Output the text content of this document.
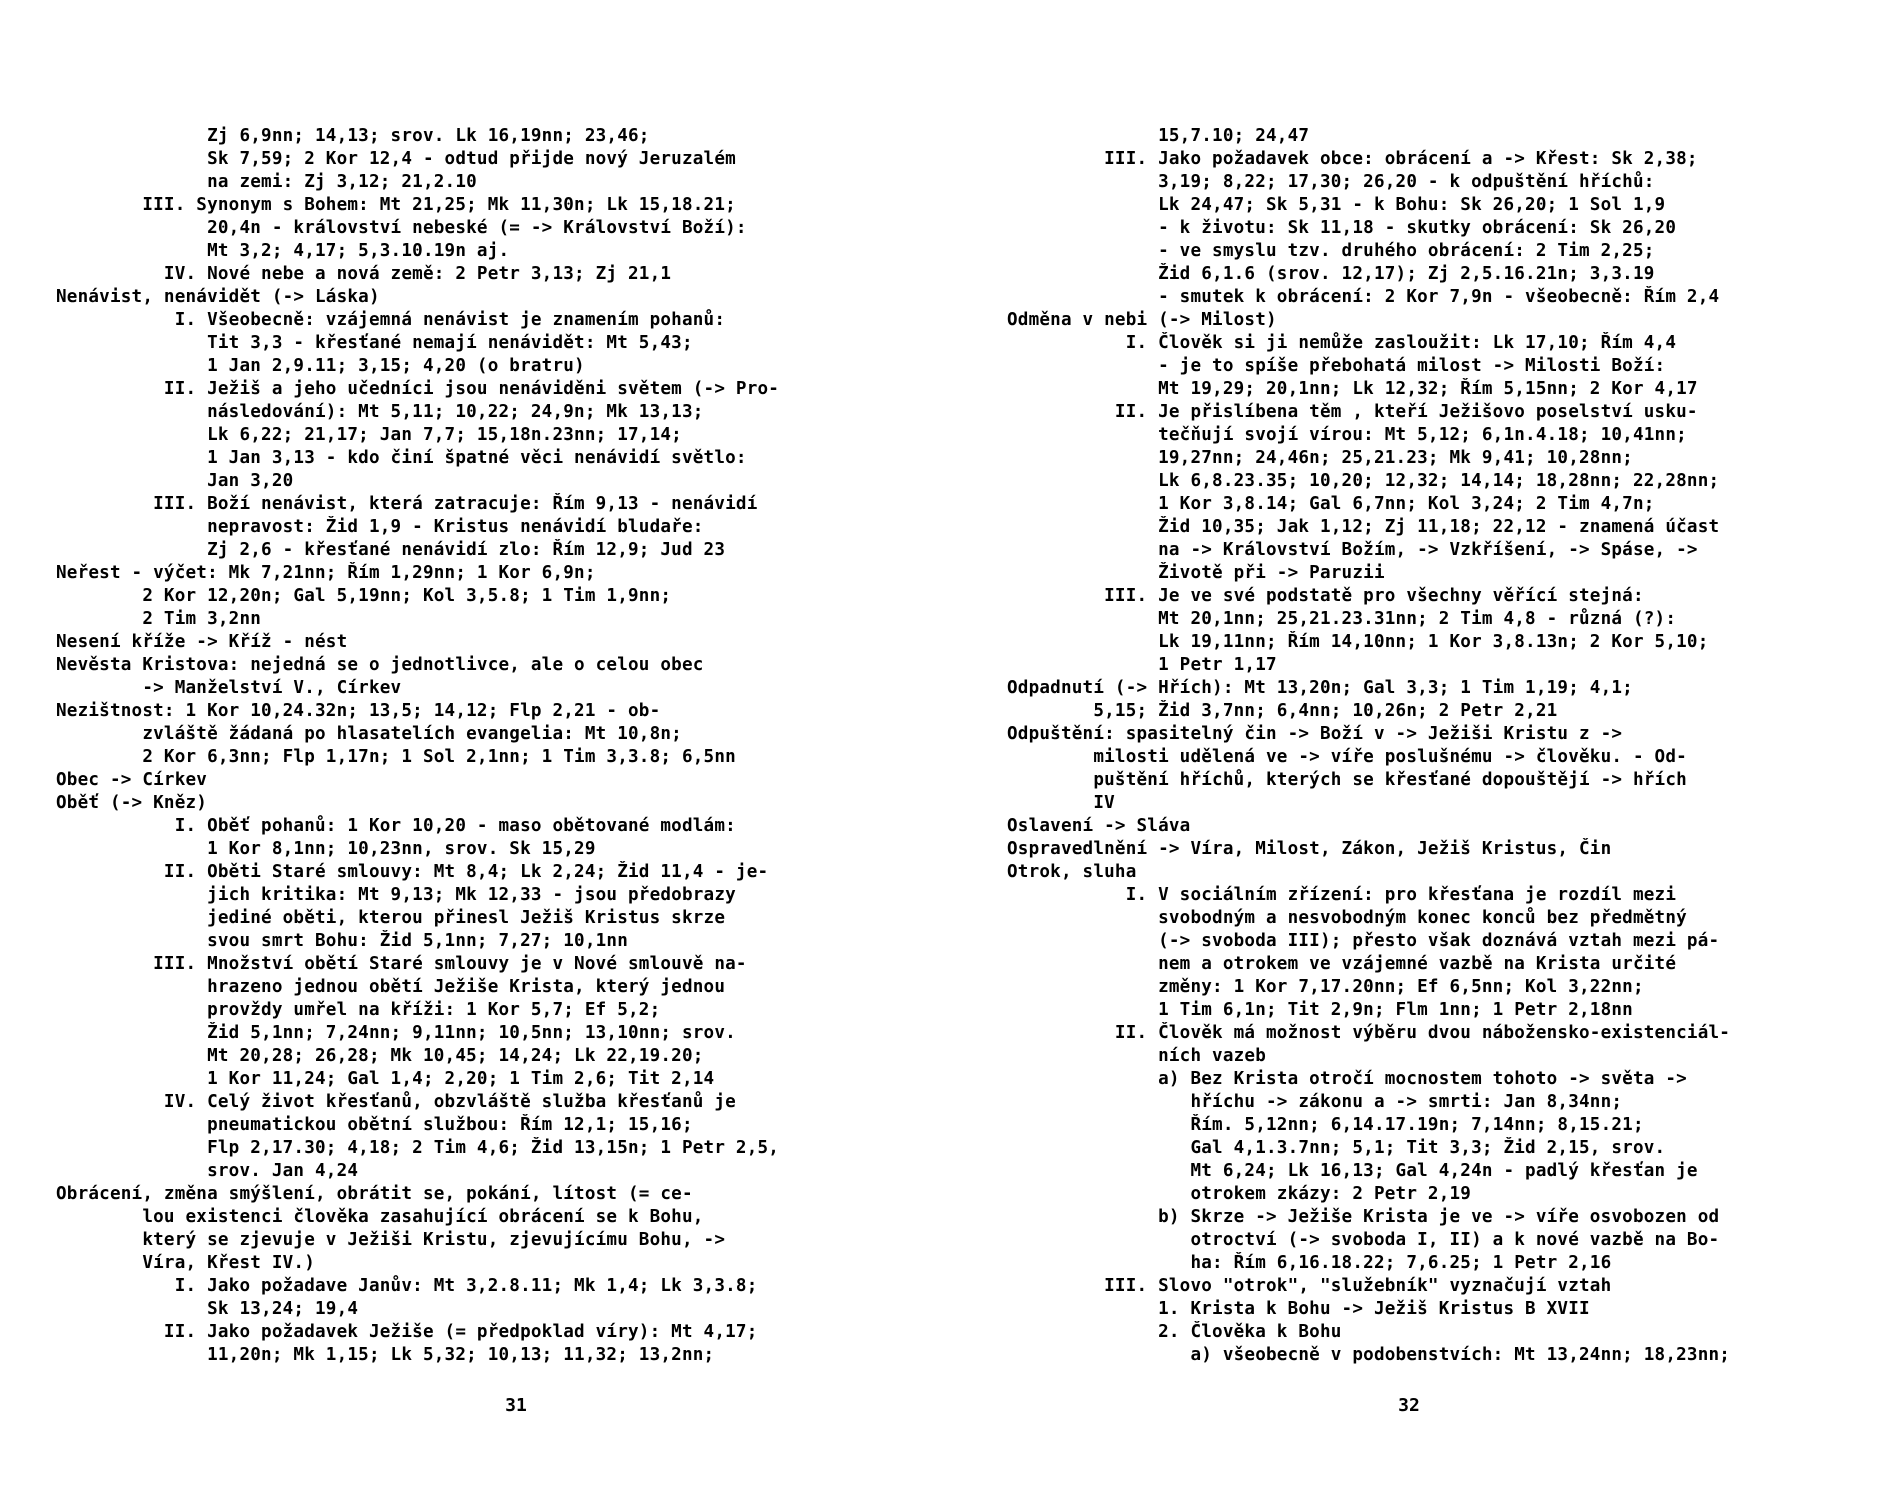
Zj 6,9nn; 14,13; srov. Lk 16,19nn; 23,46;
Sk 7,59; 2 Kor 12,4 - odtud přijde nový Jeruzalém
na zemi: Zj 3,12; 21,2.10
III. Synonym s Bohem: Mt 21,25; Mk 11,30n; Lk 15,18.21;
20,4n - království nebeské (= -> Království Boží):
Mt 3,2; 4,17; 5,3.10.19n aj.
IV. Nové nebe a nová země: 2 Petr 3,13; Zj 21,1
Nenávist, nenávidět (-> Láska)
I. Všeobecně: vzájemná nenávist je znamením pohanů:
Tit 3,3 - křesťané nemají nenávidět: Mt 5,43;
1 Jan 2,9.11; 3,15; 4,20 (o bratru)
II. Ježiš a jeho učedníci jsou nenáviděni světem (-> Pro-
následování): Mt 5,11; 10,22; 24,9n; Mk 13,13;
Lk 6,22; 21,17; Jan 7,7; 15,18n.23nn; 17,14;
1 Jan 3,13 - kdo činí špatné věci nenávidí světlo:
Jan 3,20
III. Boží nenávist, která zatracuje: Řím 9,13 - nenávidí
nepravost: Žid 1,9 - Kristus nenávidí bludaře:
Zj 2,6 - křesťané nenávidí zlo: Řím 12,9; Jud 23
Neřest - výčet: Mk 7,21nn; Řím 1,29nn; 1 Kor 6,9n;
2 Kor 12,20n; Gal 5,19nn; Kol 3,5.8; 1 Tim 1,9nn;
2 Tim 3,2nn
Nesení kříže -> Kříž - nést
Nevěsta Kristova: nejedná se o jednotlivce, ale o celou obec
-> Manželství V., Církev
Nezištnost: 1 Kor 10,24.32n; 13,5; 14,12; Flp 2,21 - ob-
zvláště žádaná po hlasatelích evangelia: Mt 10,8n;
2 Kor 6,3nn; Flp 1,17n; 1 Sol 2,1nn; 1 Tim 3,3.8; 6,5nn
Obec -> Církev
Oběť (-> Kněz)
I. Oběť pohanů: 1 Kor 10,20 - maso obětované modlám:
1 Kor 8,1nn; 10,23nn, srov. Sk 15,29
II. Oběti Staré smlouvy: Mt 8,4; Lk 2,24; Žid 11,4 - je-
jich kritika: Mt 9,13; Mk 12,33 - jsou předobrazy
jediné oběti, kterou přinesl Ježiš Kristus skrze
svou smrt Bohu: Žid 5,1nn; 7,27; 10,1nn
III. Množství obětí Staré smlouvy je v Nové smlouvě na-
hrazeno jednou obětí Ježiše Krista, který jednou
provždy umřel na kříži: 1 Kor 5,7; Ef 5,2;
Žid 5,1nn; 7,24nn; 9,11nn; 10,5nn; 13,10nn; srov.
Mt 20,28; 26,28; Mk 10,45; 14,24; Lk 22,19.20;
1 Kor 11,24; Gal 1,4; 2,20; 1 Tim 2,6; Tit 2,14
IV. Celý život křesťanů, obzvláště služba křesťanů je
pneumatickou obětní službou: Řím 12,1; 15,16;
Flp 2,17.30; 4,18; 2 Tim 4,6; Žid 13,15n; 1 Petr 2,5,
srov. Jan 4,24
Obrácení, změna smýšlení, obrátit se, pokání, lítost (= ce-
lou existenci člověka zasahující obrácení se k Bohu,
který se zjevuje v Ježiši Kristu, zjevujícímu Bohu, ->
Víra, Křest IV.)
I. Jako požadave Janův: Mt 3,2.8.11; Mk 1,4; Lk 3,3.8;
Sk 13,24; 19,4
II. Jako požadavek Ježiše (= předpoklad víry): Mt 4,17;
11,20n; Mk 1,15; Lk 5,32; 10,13; 11,32; 13,2nn;
31
15,7.10; 24,47
III. Jako požadavek obce: obrácení a -> Křest: Sk 2,38;
3,19; 8,22; 17,30; 26,20 - k odpuštění hříchů:
Lk 24,47; Sk 5,31 - k Bohu: Sk 26,20; 1 Sol 1,9
- k životu: Sk 11,18 - skutky obrácení: Sk 26,20
- ve smyslu tzv. druhého obrácení: 2 Tim 2,25;
Žid 6,1.6 (srov. 12,17); Zj 2,5.16.21n; 3,3.19
- smutek k obrácení: 2 Kor 7,9n - všeobecně: Řím 2,4
Odměna v nebi (-> Milost)
I. Člověk si ji nemůže zasloužit: Lk 17,10; Řím 4,4
- je to spíše přebohatá milost -> Milosti Boží:
Mt 19,29; 20,1nn; Lk 12,32; Řím 5,15nn; 2 Kor 4,17
II. Je přislíbena těm , kteří Ježišovo poselství usku-
tečňují svojí vírou: Mt 5,12; 6,1n.4.18; 10,41nn;
19,27nn; 24,46n; 25,21.23; Mk 9,41; 10,28nn;
Lk 6,8.23.35; 10,20; 12,32; 14,14; 18,28nn; 22,28nn;
1 Kor 3,8.14; Gal 6,7nn; Kol 3,24; 2 Tim 4,7n;
Žid 10,35; Jak 1,12; Zj 11,18; 22,12 - znamená účast
na -> Království Božím, -> Vzkříšení, -> Spáse, ->
Životě při -> Paruzii
III. Je ve své podstatě pro všechny věřící stejná:
Mt 20,1nn; 25,21.23.31nn; 2 Tim 4,8 - různá (?):
Lk 19,11nn; Řím 14,10nn; 1 Kor 3,8.13n; 2 Kor 5,10;
1 Petr 1,17
Odpadnutí (-> Hřích): Mt 13,20n; Gal 3,3; 1 Tim 1,19; 4,1;
5,15; Žid 3,7nn; 6,4nn; 10,26n; 2 Petr 2,21
Odpuštění: spasitelný čin -> Boží v -> Ježiši Kristu z ->
milosti udělená ve -> víře poslušnému -> člověku. - Od-
puštění hříchů, kterých se křesťané dopouštějí -> hřích
IV
Oslavení -> Sláva
Ospravedlnění -> Víra, Milost, Zákon, Ježiš Kristus, Čin
Otrok, sluha
I. V sociálním zřízení: pro křesťana je rozdíl mezi
svobodným a nesvobodným konec konců bez předmětný
(-> svoboda III); přesto však doznává vztah mezi pá-
nem a otrokem ve vzájemné vazbě na Krista určité
změny: 1 Kor 7,17.20nn; Ef 6,5nn; Kol 3,22nn;
1 Tim 6,1n; Tit 2,9n; Flm 1nn; 1 Petr 2,18nn
II. Člověk má možnost výběru dvou nábožensko-existenciál-
ních vazeb
a) Bez Krista otročí mocnostem tohoto -> světa ->
hříchu -> zákonu a -> smrti: Jan 8,34nn;
Řím. 5,12nn; 6,14.17.19n; 7,14nn; 8,15.21;
Gal 4,1.3.7nn; 5,1; Tit 3,3; Žid 2,15, srov.
Mt 6,24; Lk 16,13; Gal 4,24n - padlý křesťan je
otrokem zkázy: 2 Petr 2,19
b) Skrze -> Ježiše Krista je ve -> víře osvobozen od
otroctví (-> svoboda I, II) a k nové vazbě na Bo-
ha: Řím 6,16.18.22; 7,6.25; 1 Petr 2,16
III. Slovo "otrok", "služebník" vyznačují vztah
1. Krista k Bohu -> Ježiš Kristus B XVII
2. Člověka k Bohu
a) všeobecně v podobenstvích: Mt 13,24nn; 18,23nn;
32
